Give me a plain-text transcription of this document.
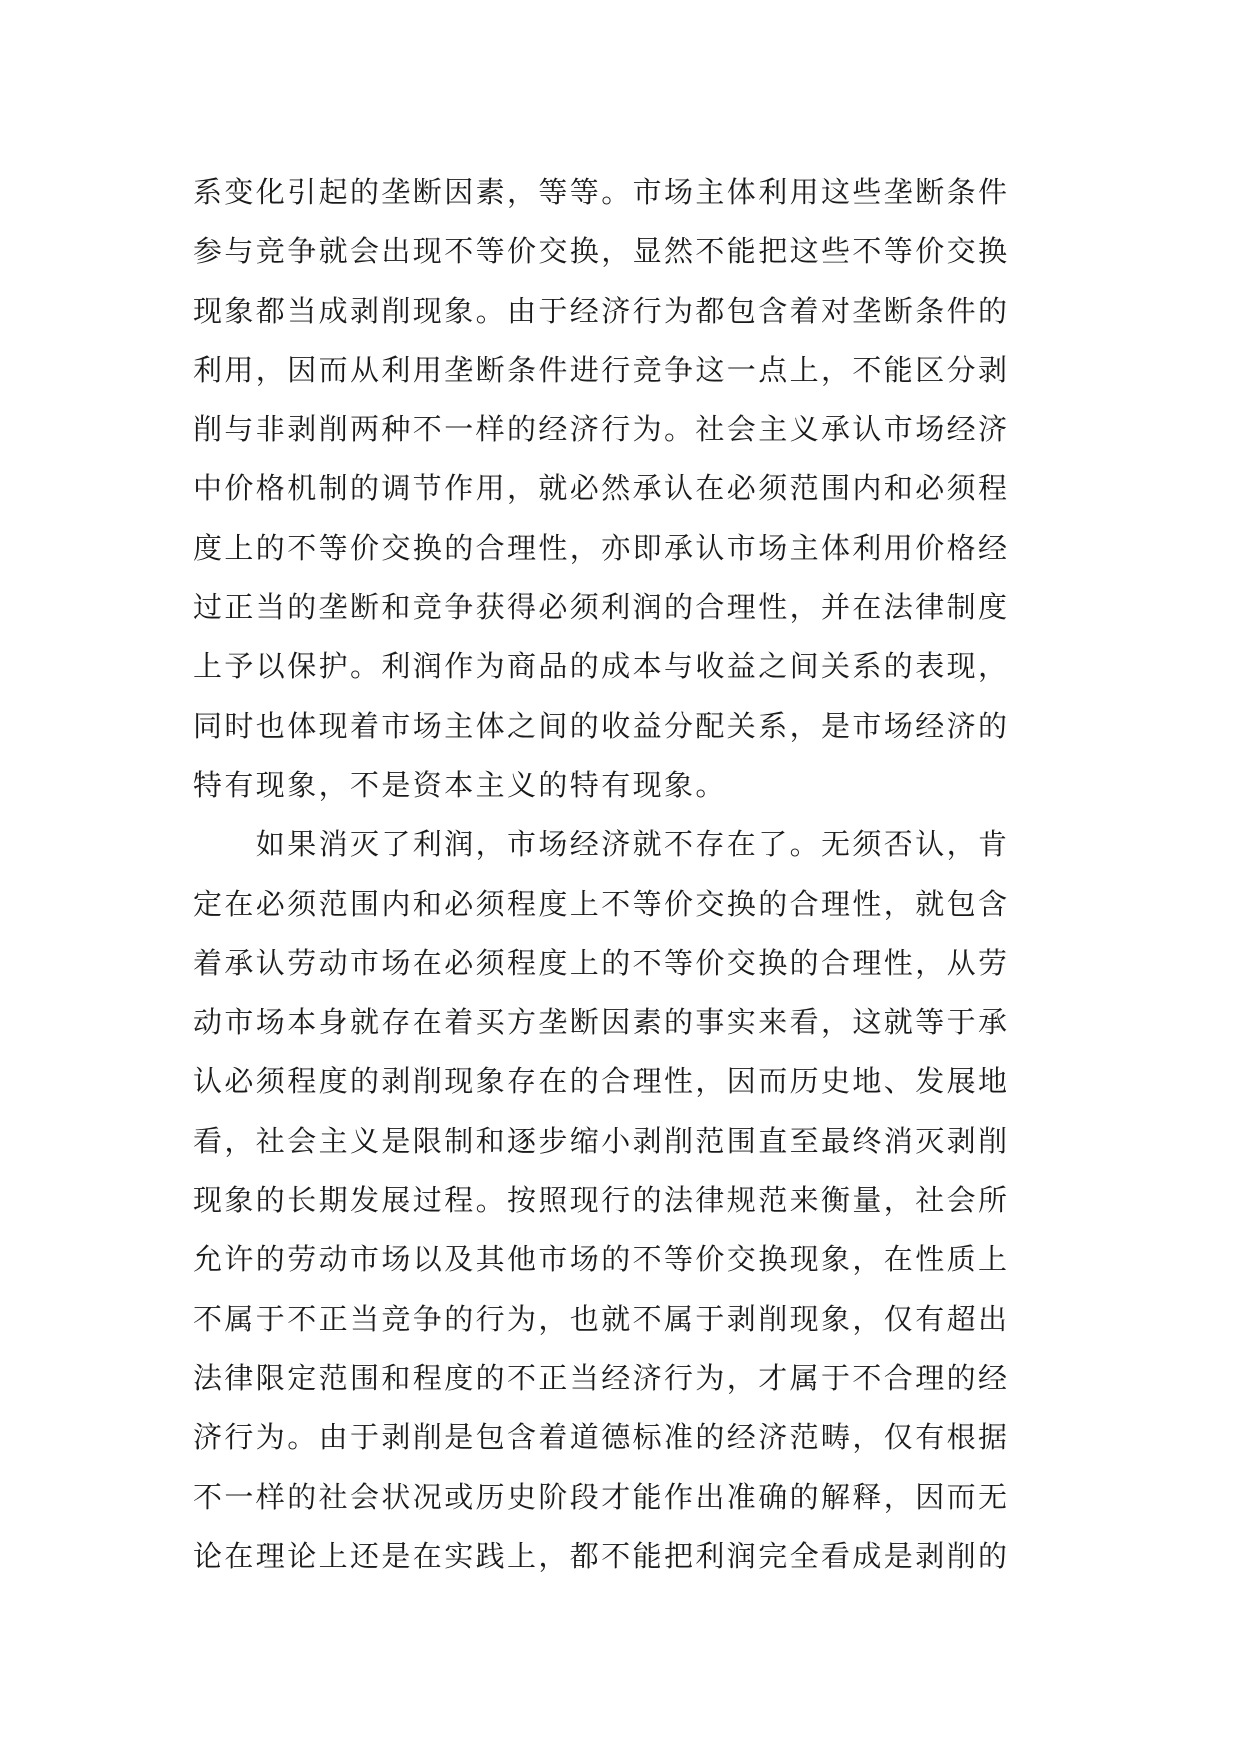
系变化引起的垄断因素，等等。市场主体利用这些垄断条件
参与竞争就会出现不等价交换，显然不能把这些不等价交换
现象都当成剥削现象。由于经济行为都包含着对垄断条件的
利用，因而从利用垄断条件进行竞争这一点上，不能区分剥
削与非剥削两种不一样的经济行为。社会主义承认市场经济
中价格机制的调节作用，就必然承认在必须范围内和必须程
度上的不等价交换的合理性，亦即承认市场主体利用价格经
过正当的垄断和竞争获得必须利润的合理性，并在法律制度
上予以保护。利润作为商品的成本与收益之间关系的表现，
同时也体现着市场主体之间的收益分配关系，是市场经济的
特有现象，不是资本主义的特有现象。
　　如果消灭了利润，市场经济就不存在了。无须否认，肯
定在必须范围内和必须程度上不等价交换的合理性，就包含
着承认劳动市场在必须程度上的不等价交换的合理性，从劳
动市场本身就存在着买方垄断因素的事实来看，这就等于承
认必须程度的剥削现象存在的合理性，因而历史地、发展地
看，社会主义是限制和逐步缩小剥削范围直至最终消灭剥削
现象的长期发展过程。按照现行的法律规范来衡量，社会所
允许的劳动市场以及其他市场的不等价交换现象，在性质上
不属于不正当竞争的行为，也就不属于剥削现象，仅有超出
法律限定范围和程度的不正当经济行为，才属于不合理的经
济行为。由于剥削是包含着道德标准的经济范畴，仅有根据
不一样的社会状况或历史阶段才能作出准确的解释，因而无
论在理论上还是在实践上，都不能把利润完全看成是剥削的
